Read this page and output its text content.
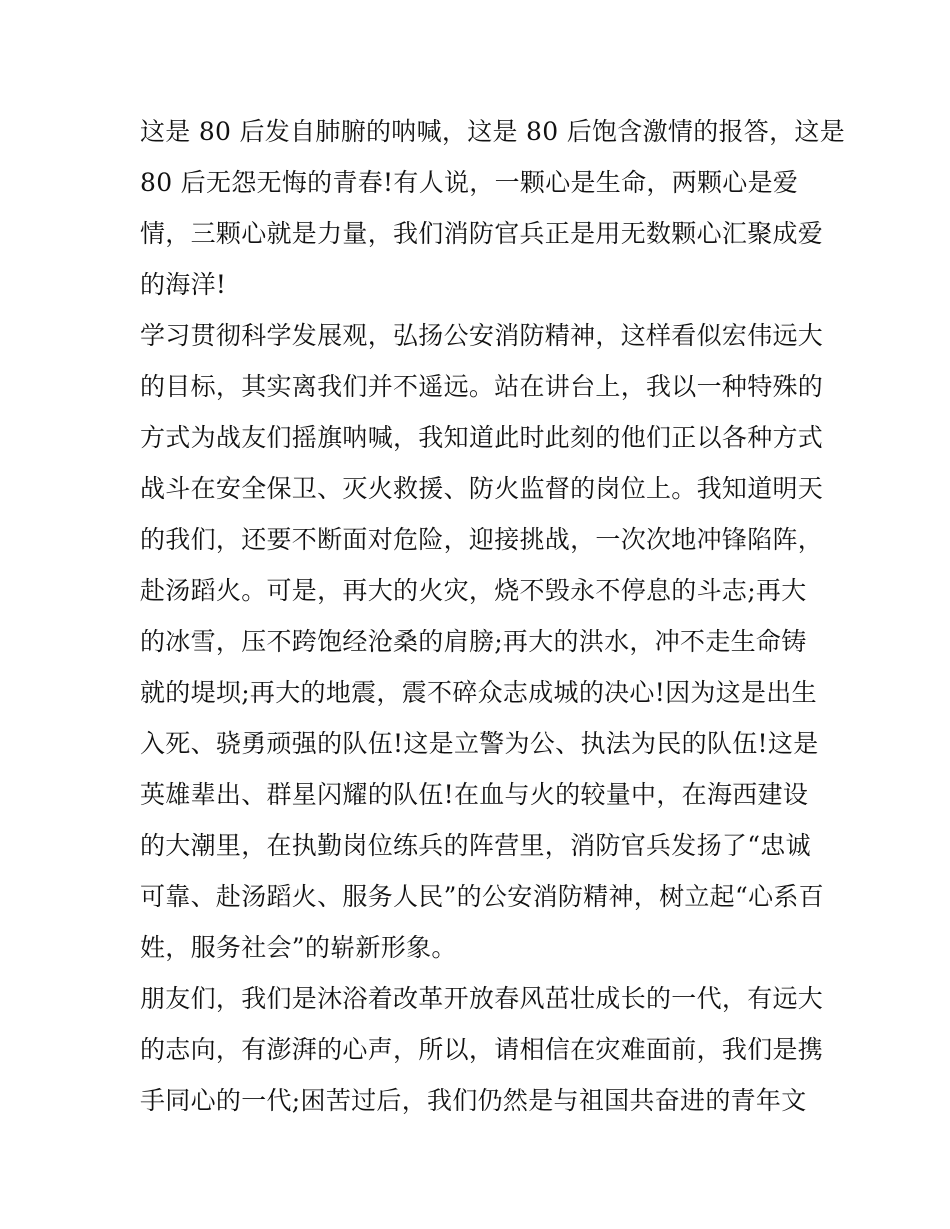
这是 80 后发自肺腑的呐喊，这是 80 后饱含激情的报答，这是
80 后无怨无悔的青春!有人说，一颗心是生命，两颗心是爱
情，三颗心就是力量，我们消防官兵正是用无数颗心汇聚成爱
的海洋!
学习贯彻科学发展观，弘扬公安消防精神，这样看似宏伟远大
的目标，其实离我们并不遥远。站在讲台上，我以一种特殊的
方式为战友们摇旗呐喊，我知道此时此刻的他们正以各种方式
战斗在安全保卫、灭火救援、防火监督的岗位上。我知道明天
的我们，还要不断面对危险，迎接挑战，一次次地冲锋陷阵，
赴汤蹈火。可是，再大的火灾，烧不毁永不停息的斗志;再大
的冰雪，压不跨饱经沧桑的肩膀;再大的洪水，冲不走生命铸
就的堤坝;再大的地震，震不碎众志成城的决心!因为这是出生
入死、骁勇顽强的队伍!这是立警为公、执法为民的队伍!这是
英雄辈出、群星闪耀的队伍!在血与火的较量中，在海西建设
的大潮里，在执勤岗位练兵的阵营里，消防官兵发扬了“忠诚
可靠、赴汤蹈火、服务人民”的公安消防精神，树立起“心系百
姓，服务社会”的崭新形象。
朋友们，我们是沐浴着改革开放春风茁壮成长的一代，有远大
的志向，有澎湃的心声，所以，请相信在灾难面前，我们是携
手同心的一代;困苦过后，我们仍然是与祖国共奋进的青年文
